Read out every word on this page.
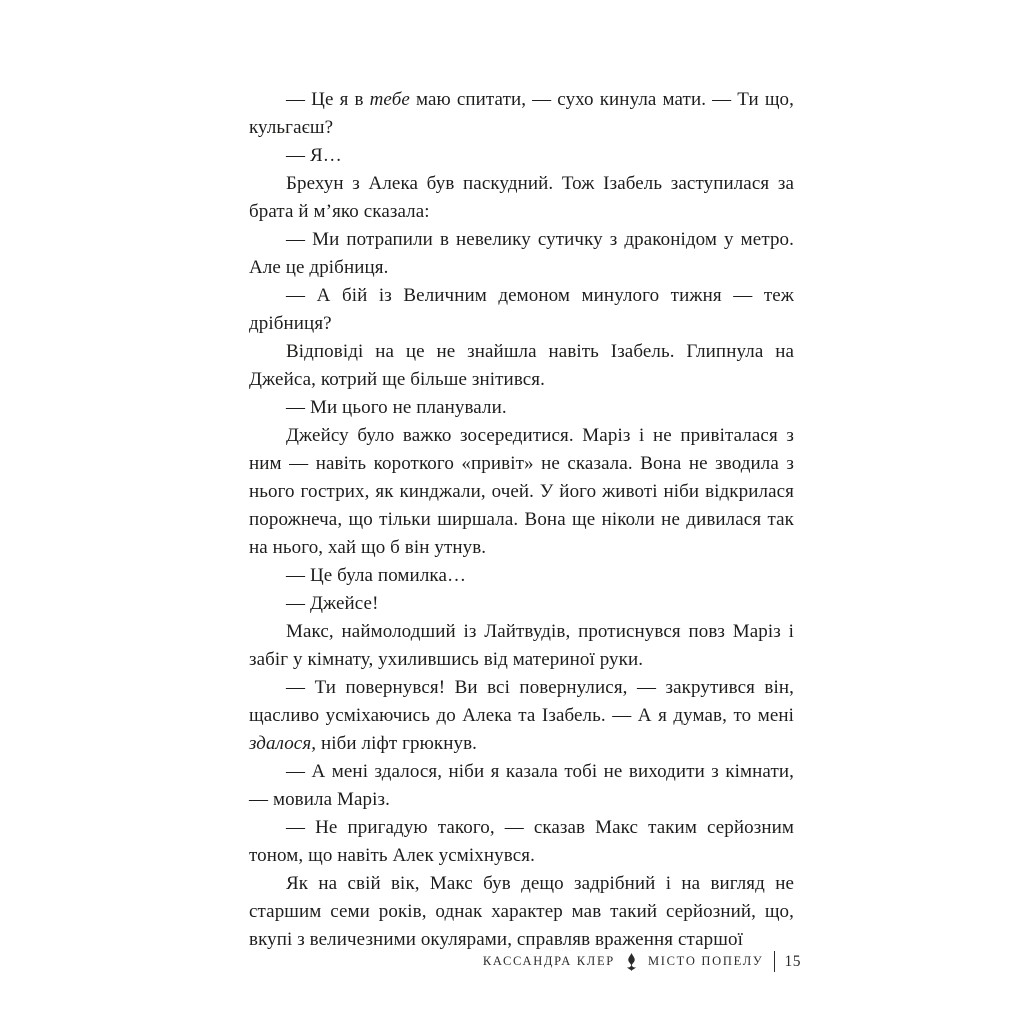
— Це я в тебе маю спитати, — сухо кинула мати. — Ти що, кульгаєш?

— Я…

Брехун з Алека був паскудний. Тож Ізабель заступилася за брата й м’яко сказала:

— Ми потрапили в невелику сутичку з драконідом у метро. Але це дрібниця.

— А бій із Величним демоном минулого тижня — теж дрібниця?

Відповіді на це не знайшла навіть Ізабель. Глипнула на Джейса, котрий ще більше знітився.

— Ми цього не планували.

Джейсу було важко зосередитися. Маріз і не привіталася з ним — навіть короткого «привіт» не сказала. Вона не зводила з нього гострих, як кинджали, очей. У його животі ніби відкрилася порожнеча, що тільки ширшала. Вона ще ніколи не дивилася так на нього, хай що б він утнув.

— Це була помилка…

— Джейсе!

Макс, наймолодший із Лайтвудів, протиснувся повз Маріз і забіг у кімнату, ухилившись від материної руки.

— Ти повернувся! Ви всі повернулися, — закрутився він, щасливо усміхаючись до Алека та Ізабель. — А я думав, то мені здалося, ніби ліфт грюкнув.

— А мені здалося, ніби я казала тобі не виходити з кімнати, — мовила Маріз.

— Не пригадую такого, — сказав Макс таким серйозним тоном, що навіть Алек усміхнувся.

Як на свій вік, Макс був дещо задрібний і на вигляд не старшим семи років, однак характер мав такий серйозний, що, вкупі з величезними окулярами, справляв враження старшої

КАССАНДРА КЛЕР	МІСТО ПОПЕЛУ 15
